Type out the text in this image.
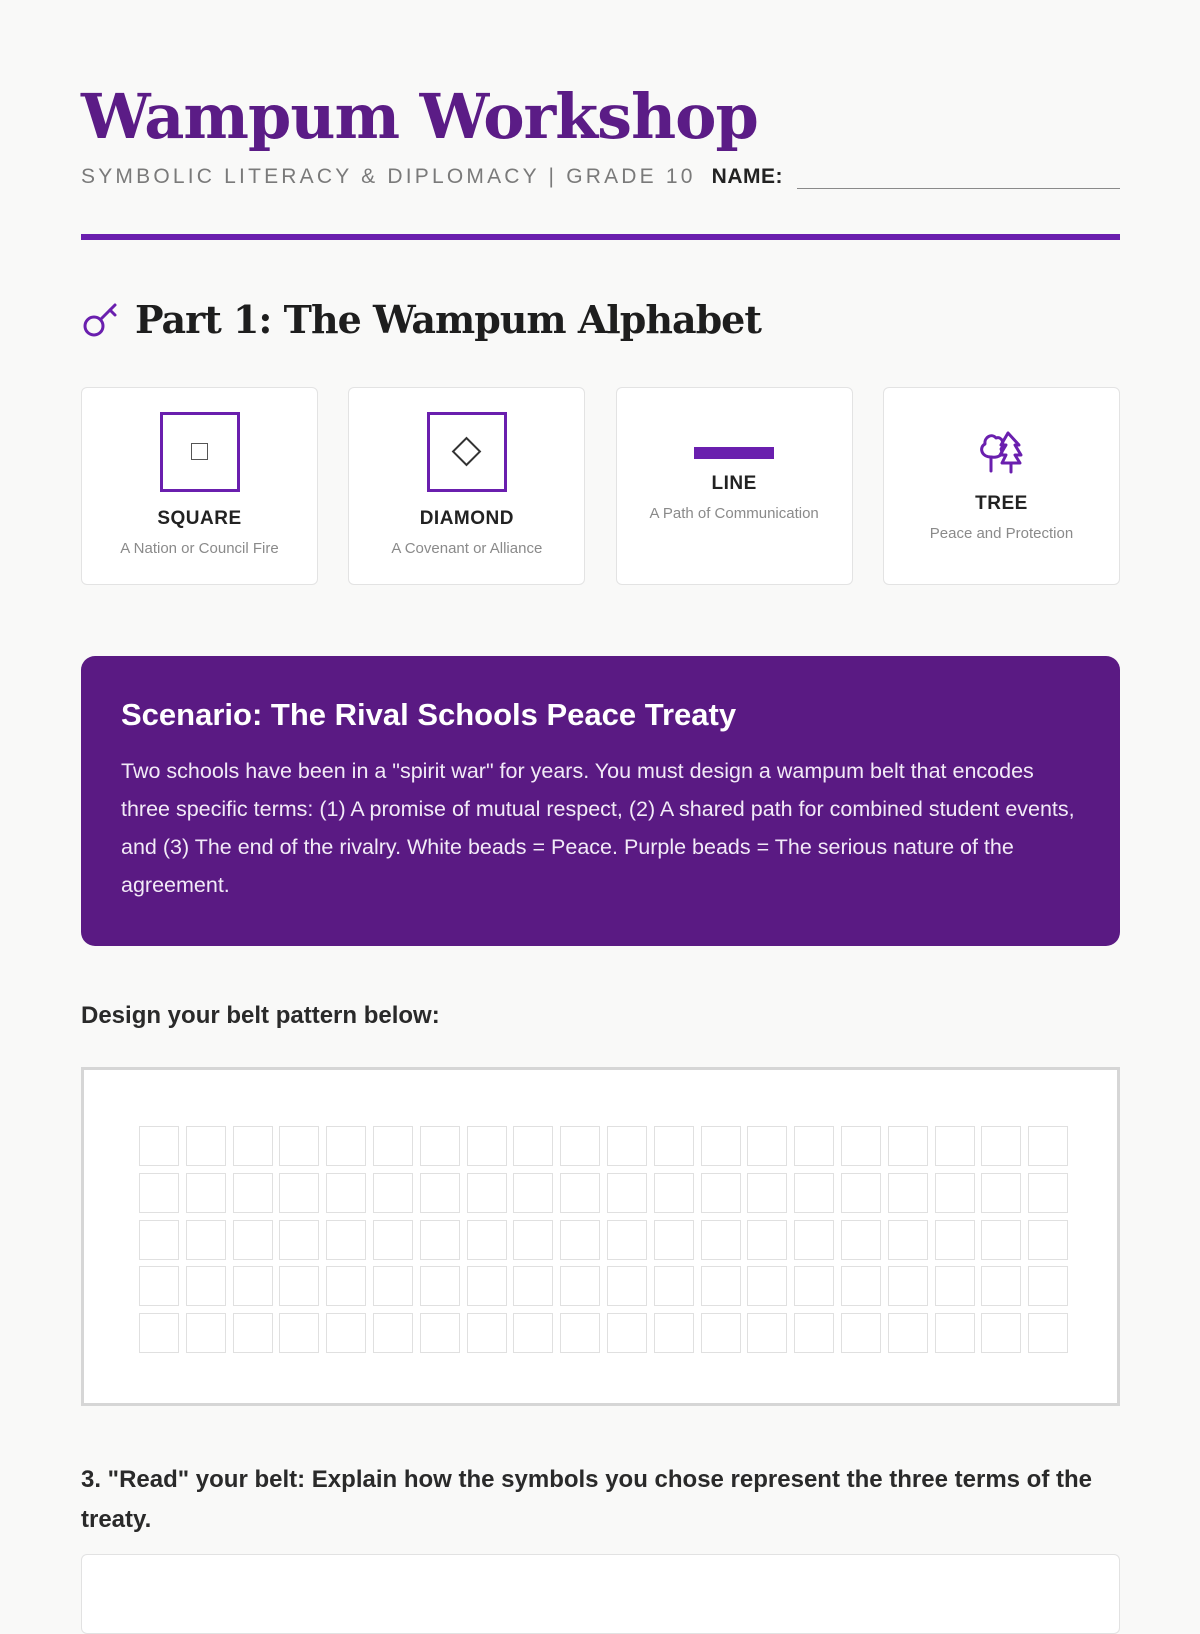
Wampum Workshop
SYMBOLIC LITERACY & DIPLOMACY | GRADE 10 NAME:
Part 1: The Wampum Alphabet
SQUARE
A Nation or Council Fire
DIAMOND
A Covenant or Alliance
LINE
A Path of Communication	TREE
Peace and Protection
Scenario: The Rival Schools Peace Treaty

Two schools have been in a "spirit war" for years. You must design a wampum belt that encodes three specific terms: (1) A promise of mutual respect, (2) A shared path for combined student events, and (3) The end of the rivalry. White beads = Peace. Purple beads = The serious nature of the agreement.

Design your belt pattern below:

3. "Read" your belt: Explain how the symbols you chose represent the three terms of the treaty.
